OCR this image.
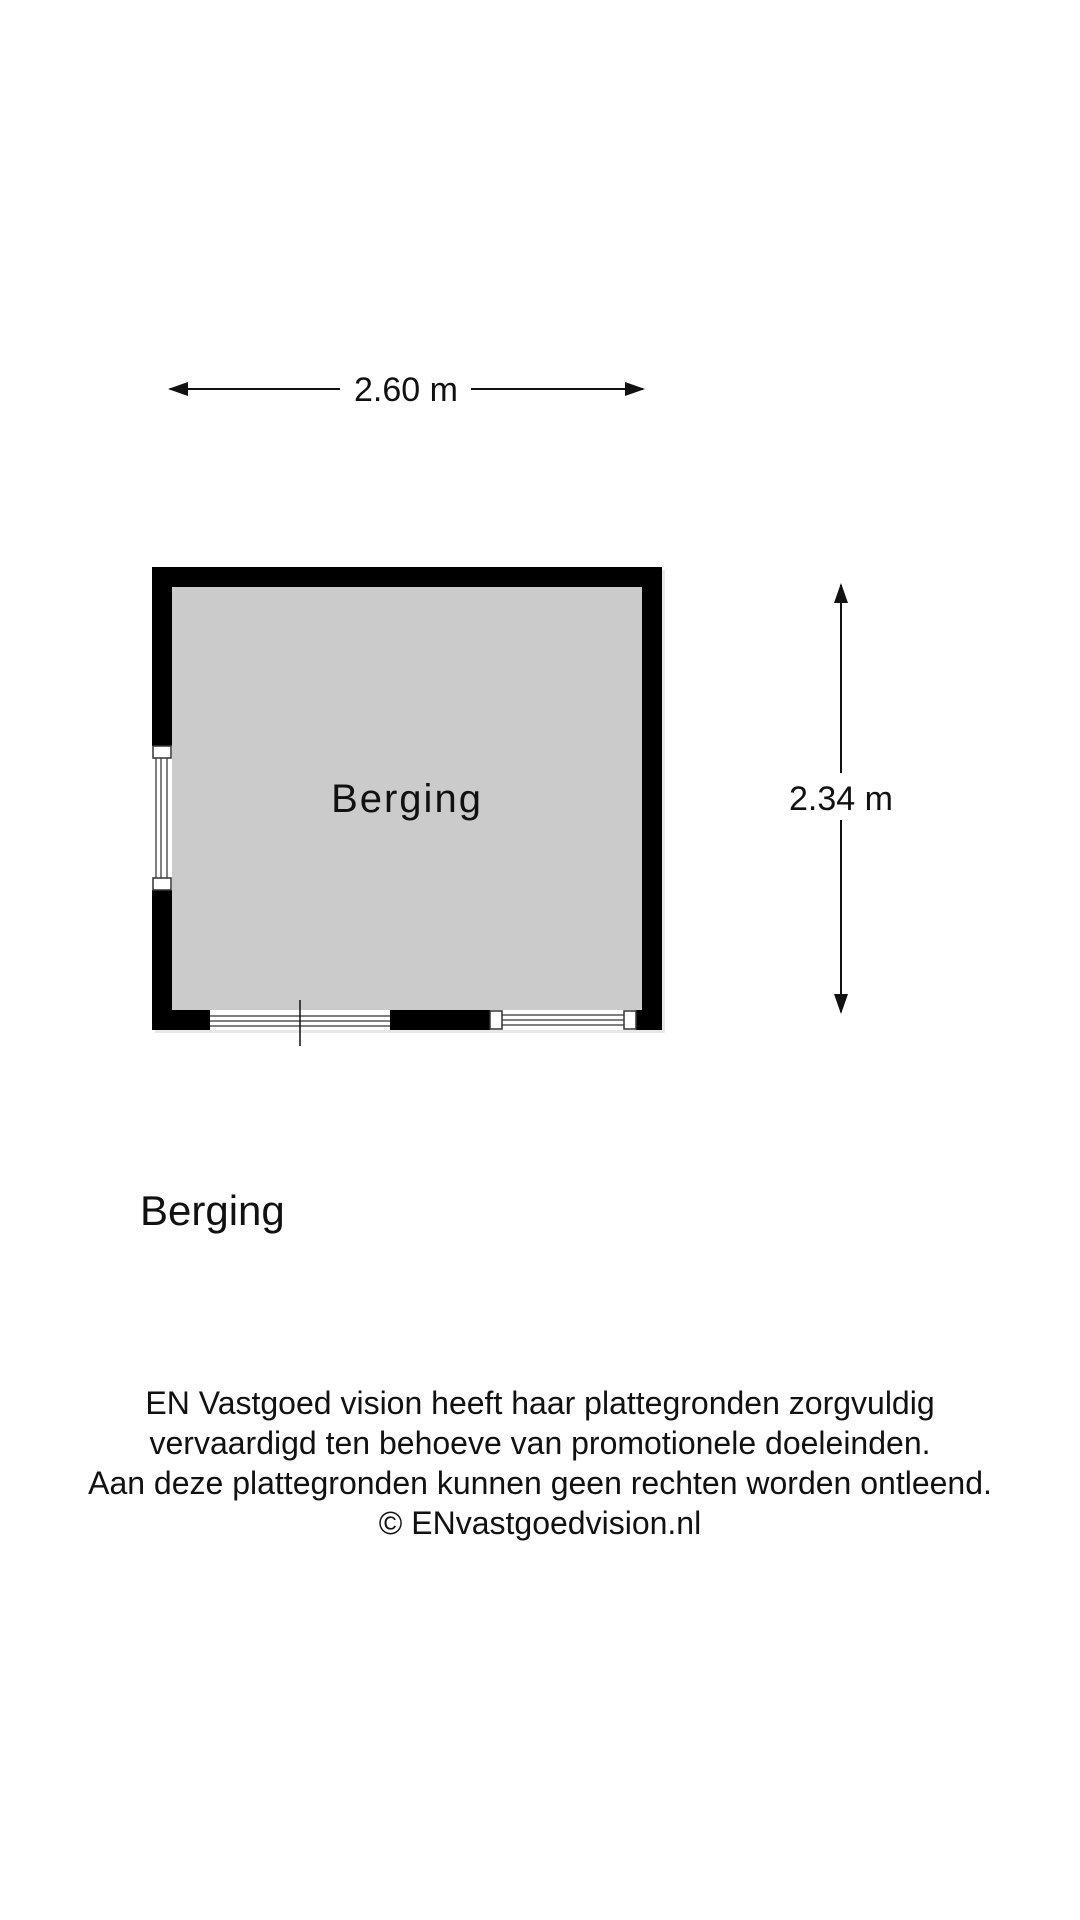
2.60 m
Berging	2.34 m
Berging
EN Vastgoed vision heeft haar plattegronden zorgvuldig
vervaardigd ten behoeve van promotionele doeleinden.
Aan deze plattegronden kunnen geen rechten worden ontleend.
© ENvastgoedvision.nl
